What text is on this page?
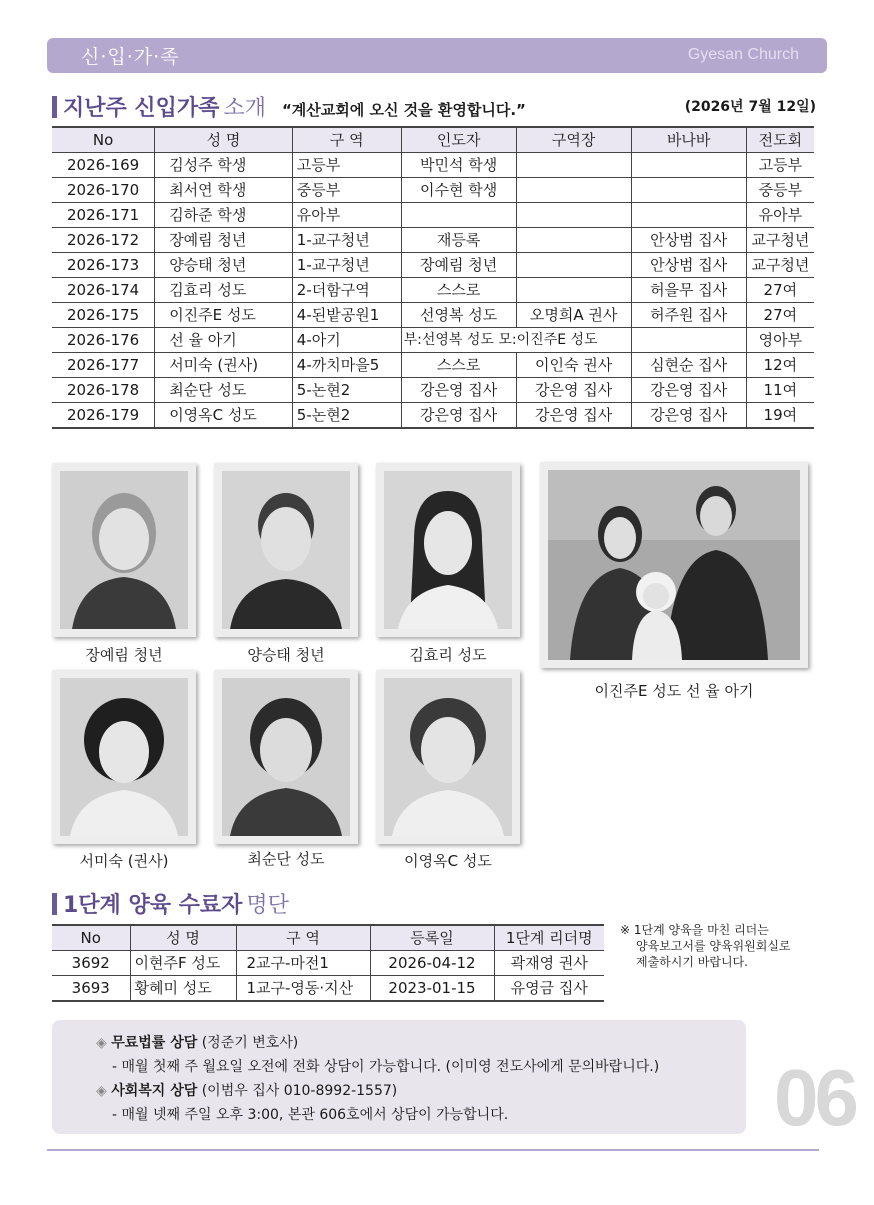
신·입·가·족	Gyesan Church
지난주 신입가족 소개 “계산교회에 오신 것을 환영합니다.”	(2026년 7월 12일)
No	성 명	구 역	인도자	구역장	바나바	전도회
2026-169	김성주 학생	고등부	박민석 학생			고등부
2026-170	최서연 학생	중등부	이수현 학생			중등부
2026-171	김하준 학생	유아부				유아부
2026-172	장예림 청년	1-교구청년	재등록		안상범 집사	교구청년
2026-173	양승태 청년	1-교구청년	장예림 청년		안상범 집사	교구청년
2026-174	김효리 성도	2-더함구역	스스로		허을무 집사	27여
2026-175	이진주E 성도	4-된밭공원1	선영복 성도	오명희A 권사	허주원 집사	27여
2026-176	선 율 아기	4-아기	부:선영복 성도 모:이진주E 성도			영아부
2026-177	서미숙 (권사)	4-까치마을5	스스로	이인숙 권사	심현순 집사	12여
2026-178	최순단 성도	5-논현2	강은영 집사	강은영 집사	강은영 집사	11여
2026-179	이영옥C 성도	5-논현2	강은영 집사	강은영 집사	강은영 집사	19여
장예림 청년	양승태 청년	김효리 성도
이진주E 성도 선 율 아기
서미숙 (권사)	최순단 성도	이영옥C 성도
1단계 양육 수료자 명단
No	성 명	구 역	등록일	1단계 리더명
3692	이현주F 성도	2교구-마전1	2026-04-12	곽재영 권사
3693	황혜미 성도	1교구-영동·지산	2023-01-15	유영금 집사
※ 1단계 양육을 마친 리더는
양육보고서를 양육위원회실로
제출하시기 바랍니다.
◈ 무료법률 상담 (정준기 변호사)
- 매월 첫째 주 월요일 오전에 전화 상담이 가능합니다. (이미영 전도사에게 문의바랍니다.)
◈ 사회복지 상담 (이범우 집사 010-8992-1557)
- 매월 넷째 주일 오후 3:00, 본관 606호에서 상담이 가능합니다.	06
